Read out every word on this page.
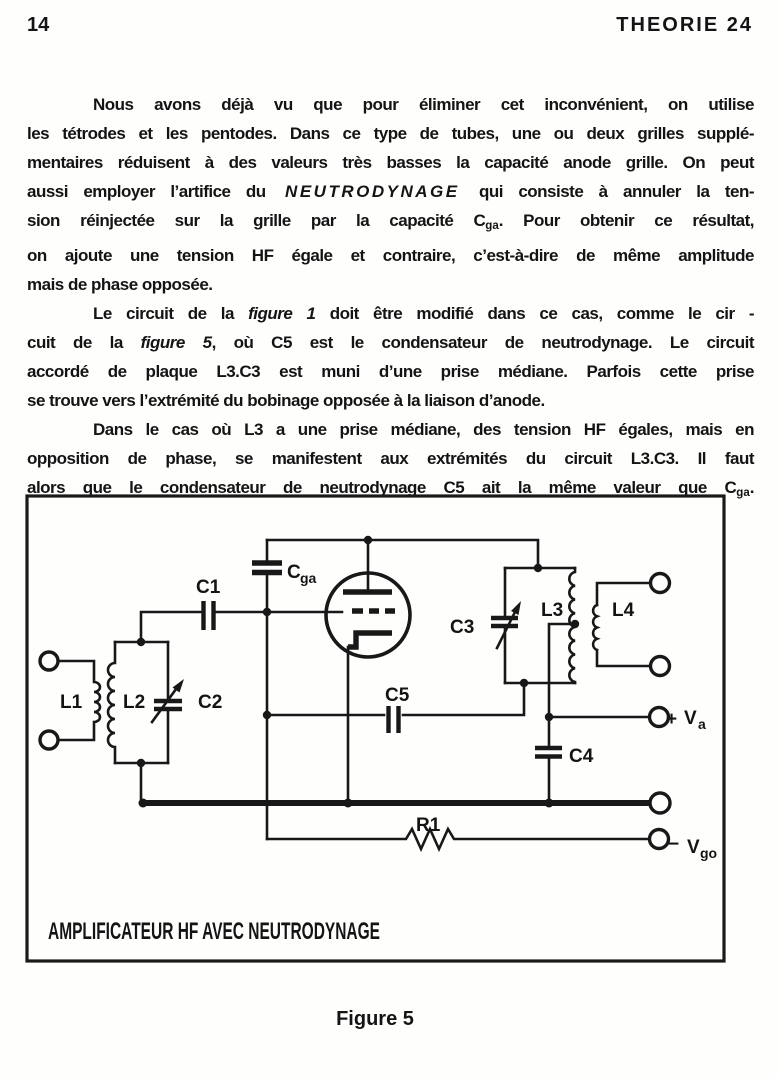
14	THEORIE 24
Nous avons déjà vu que pour éliminer cet inconvénient, on utilise
les tétrodes et les pentodes. Dans ce type de tubes, une ou deux grilles supplé-
mentaires réduisent à des valeurs très basses la capacité anode grille. On peut
aussi employer l’artifice du NEUTRODYNAGE qui consiste à annuler la ten-
sion réinjectée sur la grille par la capacité $C_{ga}$. Pour obtenir ce résultat,
on ajoute une tension HF égale et contraire, c’est-à-dire de même amplitude
mais de phase opposée.
Le circuit de la figure 1 doit être modifié dans ce cas, comme le cir -
cuit de la figure 5, où C5 est le condensateur de neutrodynage. Le circuit
accordé de plaque L3.C3 est muni d’une prise médiane. Parfois cette prise
se trouve vers l’extrémité du bobinage opposée à la liaison d’anode.
Dans le cas où L3 a une prise médiane, des tension HF égales, mais en
opposition de phase, se manifestent aux extrémités du circuit L3.C3. Il faut
alors que le condensateur de neutrodynage C5 ait la même valeur que $C_{ga}$.
L1 L2	C2
C1
C ga
C3
L3	L4
C5
C4
R1
+ V a
− V go
AMPLIFICATEUR HF AVEC NEUTRODYNAGE
Figure 5
